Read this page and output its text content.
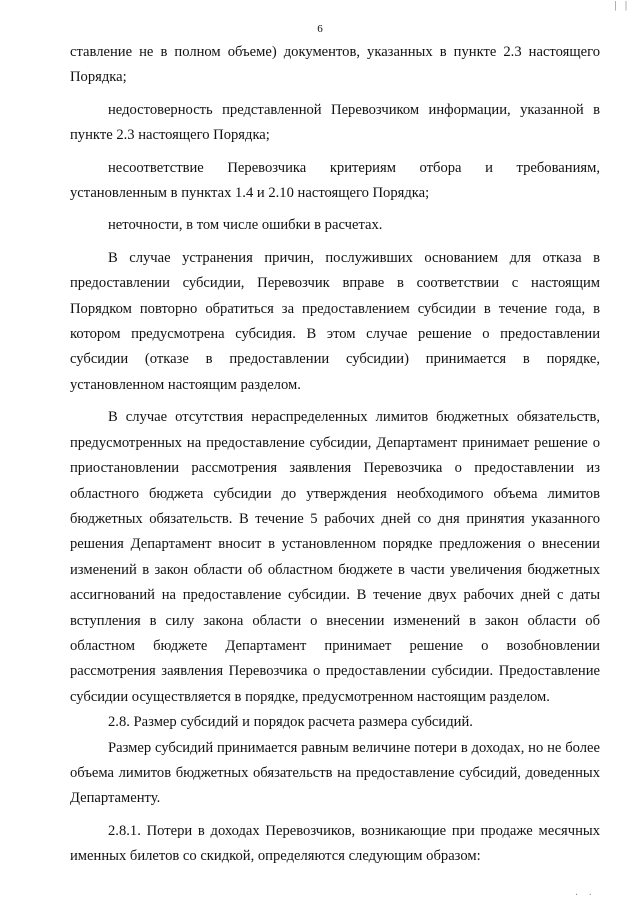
| |
6

ставление не в полном объеме) документов, указанных в пункте 2.3 настоящего Порядка;

недостоверность представленной Перевозчиком информации, указанной в пункте 2.3 настоящего Порядка;

несоответствие Перевозчика критериям отбора и требованиям, установленным в пунктах 1.4 и 2.10 настоящего Порядка;

неточности, в том числе ошибки в расчетах.

В случае устранения причин, послуживших основанием для отказа в предоставлении субсидии, Перевозчик вправе в соответствии с настоящим Порядком повторно обратиться за предоставлением субсидии в течение года, в котором предусмотрена субсидия. В этом случае решение о предоставлении субсидии (отказе в предоставлении субсидии) принимается в порядке, установленном настоящим разделом.

В случае отсутствия нераспределенных лимитов бюджетных обязательств, предусмотренных на предоставление субсидии, Департамент принимает решение о приостановлении рассмотрения заявления Перевозчика о предоставлении из областного бюджета субсидии до утверждения необходимого объема лимитов бюджетных обязательств. В течение 5 рабочих дней со дня принятия указанного решения Департамент вносит в установленном порядке предложения о внесении изменений в закон области об областном бюджете в части увеличения бюджетных ассигнований на предоставление субсидии. В течение двух рабочих дней с даты вступления в силу закона области о внесении изменений в закон области об областном бюджете Департамент принимает решение о возобновлении рассмотрения заявления Перевозчика о предоставлении субсидии. Предоставление субсидии осуществляется в порядке, предусмотренном настоящим разделом.

2.8. Размер субсидий и порядок расчета размера субсидий.

Размер субсидий принимается равным величине потери в доходах, но не более объема лимитов бюджетных обязательств на предоставление субсидий, доведенных Департаменту.

2.8.1. Потери в доходах Перевозчиков, возникающие при продаже месячных именных билетов со скидкой, определяются следующим образом:

· ·
